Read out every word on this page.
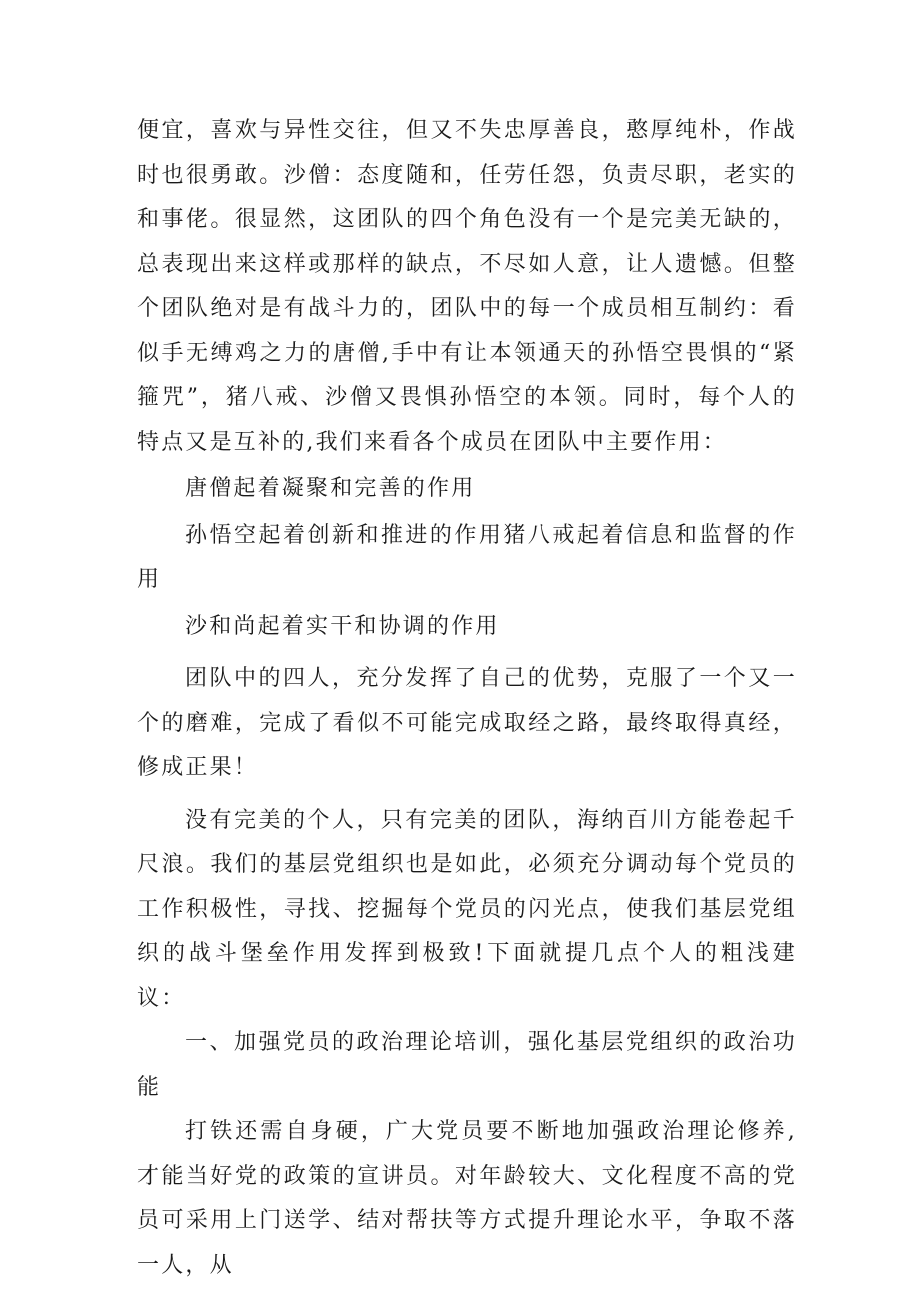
便宜，喜欢与异性交往，但又不失忠厚善良，憨厚纯朴，作战时也很勇敢。沙僧：态度随和，任劳任怨，负责尽职，老实的和事佬。很显然，这团队的四个角色没有一个是完美无缺的，总表现出来这样或那样的缺点，不尽如人意，让人遗憾。但整个团队绝对是有战斗力的，团队中的每一个成员相互制约：看似手无缚鸡之力的唐僧,手中有让本领通天的孙悟空畏惧的“紧箍咒”，猪八戒、沙僧又畏惧孙悟空的本领。同时，每个人的特点又是互补的,我们来看各个成员在团队中主要作用：

唐僧起着凝聚和完善的作用

孙悟空起着创新和推进的作用猪八戒起着信息和监督的作用

沙和尚起着实干和协调的作用

团队中的四人，充分发挥了自己的优势，克服了一个又一个的磨难，完成了看似不可能完成取经之路，最终取得真经，修成正果！

没有完美的个人，只有完美的团队，海纳百川方能卷起千尺浪。我们的基层党组织也是如此，必须充分调动每个党员的工作积极性，寻找、挖掘每个党员的闪光点，使我们基层党组织的战斗堡垒作用发挥到极致!下面就提几点个人的粗浅建议：

一、加强党员的政治理论培训，强化基层党组织的政治功能

打铁还需自身硬，广大党员要不断地加强政治理论修养,才能当好党的政策的宣讲员。对年龄较大、文化程度不高的党员可采用上门送学、结对帮扶等方式提升理论水平，争取不落一人，从
